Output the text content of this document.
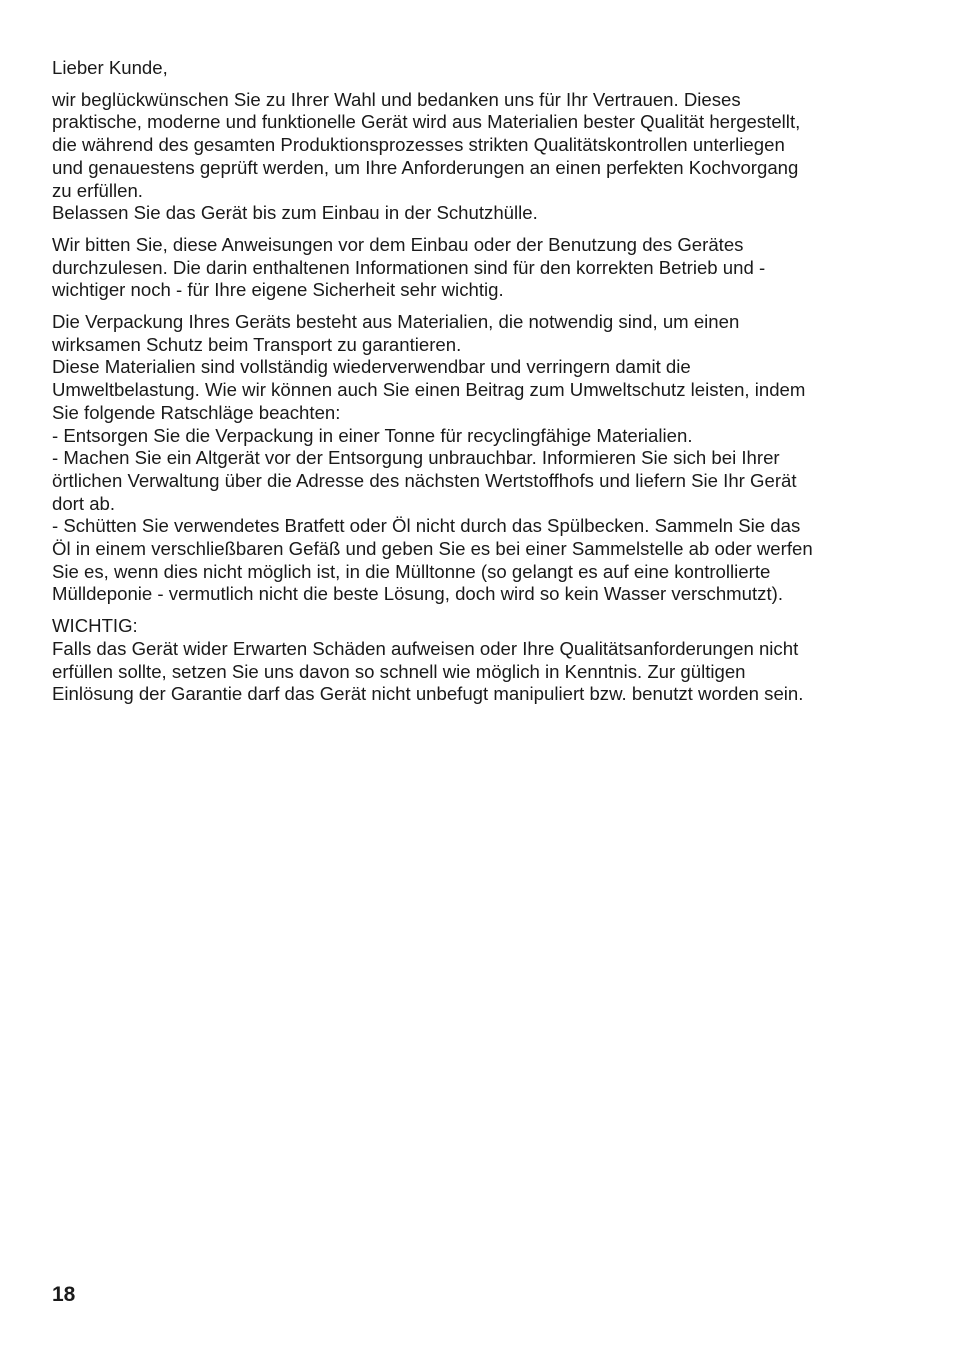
Lieber Kunde,
wir beglückwünschen Sie zu Ihrer Wahl und bedanken uns für Ihr Vertrauen. Dieses
praktische, moderne und funktionelle Gerät wird aus Materialien bester Qualität hergestellt,
die während des gesamten Produktionsprozesses strikten Qualitätskontrollen unterliegen
und genauestens geprüft werden, um Ihre Anforderungen an einen perfekten Kochvorgang
zu erfüllen.
Belassen Sie das Gerät bis zum Einbau in der Schutzhülle.
Wir bitten Sie, diese Anweisungen vor dem Einbau oder der Benutzung des Gerätes
durchzulesen. Die darin enthaltenen Informationen sind für den korrekten Betrieb und -
wichtiger noch - für Ihre eigene Sicherheit sehr wichtig.
Die Verpackung Ihres Geräts besteht aus Materialien, die notwendig sind, um einen
wirksamen Schutz beim Transport zu garantieren.
Diese Materialien sind vollständig wiederverwendbar und verringern damit die
Umweltbelastung. Wie wir können auch Sie einen Beitrag zum Umweltschutz leisten, indem
Sie folgende Ratschläge beachten:
- Entsorgen Sie die Verpackung in einer Tonne für recyclingfähige Materialien.
- Machen Sie ein Altgerät vor der Entsorgung unbrauchbar. Informieren Sie sich bei Ihrer
örtlichen Verwaltung über die Adresse des nächsten Wertstoffhofs und liefern Sie Ihr Gerät
dort ab.
- Schütten Sie verwendetes Bratfett oder Öl nicht durch das Spülbecken. Sammeln Sie das
Öl in einem verschließbaren Gefäß und geben Sie es bei einer Sammelstelle ab oder werfen
Sie es, wenn dies nicht möglich ist, in die Mülltonne (so gelangt es auf eine kontrollierte
Mülldeponie - vermutlich nicht die beste Lösung, doch wird so kein Wasser verschmutzt).
WICHTIG:
Falls das Gerät wider Erwarten Schäden aufweisen oder Ihre Qualitätsanforderungen nicht
erfüllen sollte, setzen Sie uns davon so schnell wie möglich in Kenntnis. Zur gültigen
Einlösung der Garantie darf das Gerät nicht unbefugt manipuliert bzw. benutzt worden sein.
18
